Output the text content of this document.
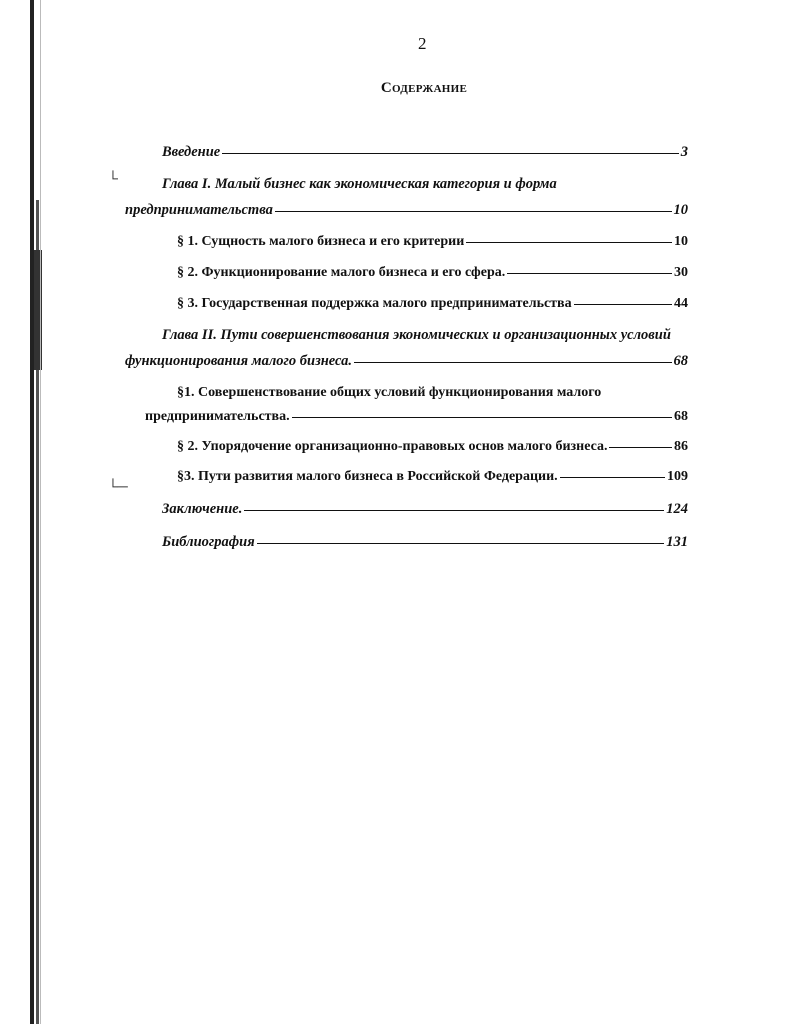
└
└─
2
Содержание
Введение	3
Глава I. Малый бизнес как экономическая категория и форма
предпринимательства	10
§ 1. Сущность малого бизнеса и его критерии	10
§ 2. Функционирование малого бизнеса и его сфера.	30
§ 3. Государственная поддержка малого предпринимательства	44
Глава II. Пути совершенствования экономических и организационных условий
функционирования малого бизнеса.	68
§1. Совершенствование общих условий функционирования малого
предпринимательства.	68
§ 2. Упорядочение организационно-правовых основ малого бизнеса.	86
§3. Пути развития малого бизнеса в Российской Федерации.	109
Заключение.	124
Библиография	131
